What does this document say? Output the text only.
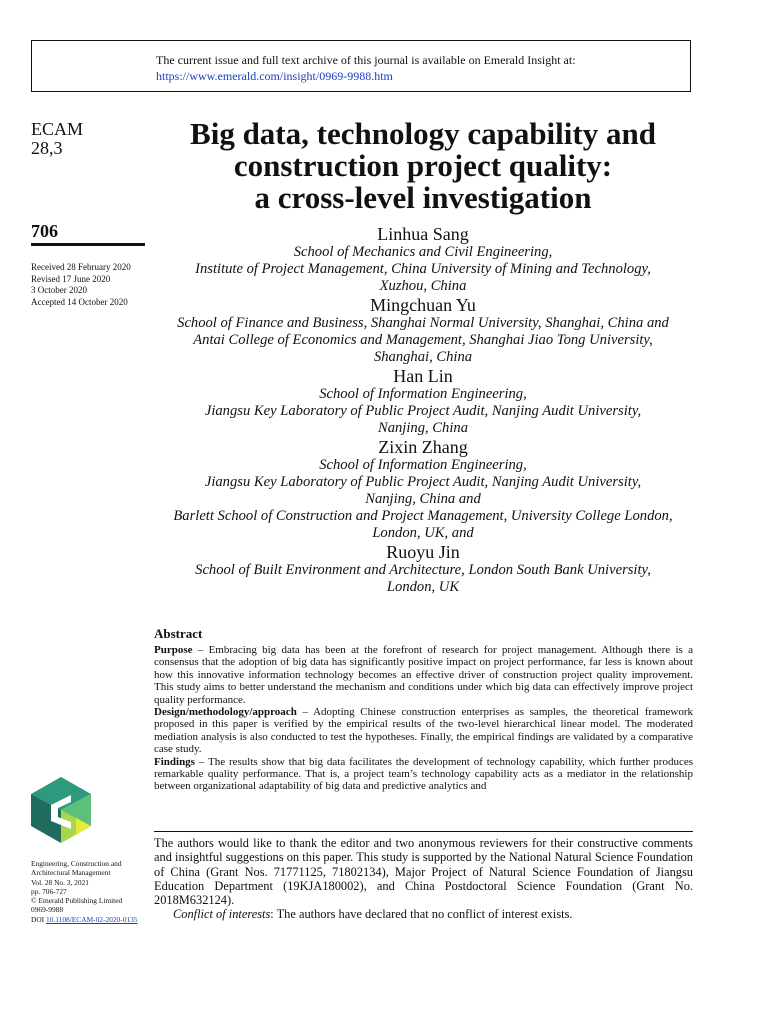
The current issue and full text archive of this journal is available on Emerald Insight at:
https://www.emerald.com/insight/0969-9988.htm
ECAM
28,3
706
Received 28 February 2020
Revised 17 June 2020
3 October 2020
Accepted 14 October 2020
Engineering, Construction and
Architectural Management
Vol. 28 No. 3, 2021
pp. 706-727
© Emerald Publishing Limited
0969-9988
DOI 10.1108/ECAM-02-2020-0135
Big data, technology capability and
construction project quality:
a cross-level investigation
Linhua Sang
School of Mechanics and Civil Engineering,
Institute of Project Management, China University of Mining and Technology,
Xuzhou, China
Mingchuan Yu
School of Finance and Business, Shanghai Normal University, Shanghai, China and
Antai College of Economics and Management, Shanghai Jiao Tong University,
Shanghai, China
Han Lin
School of Information Engineering,
Jiangsu Key Laboratory of Public Project Audit, Nanjing Audit University,
Nanjing, China
Zixin Zhang
School of Information Engineering,
Jiangsu Key Laboratory of Public Project Audit, Nanjing Audit University,
Nanjing, China and
Barlett School of Construction and Project Management, University College London,
London, UK, and
Ruoyu Jin
School of Built Environment and Architecture, London South Bank University,
London, UK
Abstract
Purpose – Embracing big data has been at the forefront of research for project management. Although there is a consensus that the adoption of big data has significantly positive impact on project performance, far less is known about how this innovative information technology becomes an effective driver of construction project quality improvement. This study aims to better understand the mechanism and conditions under which big data can effectively improve project quality performance.
Design/methodology/approach – Adopting Chinese construction enterprises as samples, the theoretical framework proposed in this paper is verified by the empirical results of the two-level hierarchical linear model. The moderated mediation analysis is also conducted to test the hypotheses. Finally, the empirical findings are validated by a comparative case study.
Findings – The results show that big data facilitates the development of technology capability, which further produces remarkable quality performance. That is, a project team’s technology capability acts as a mediator in the relationship between organizational adaptability of big data and predictive analytics and
The authors would like to thank the editor and two anonymous reviewers for their constructive comments and insightful suggestions on this paper. This study is supported by the National Natural Science Foundation of China (Grant Nos. 71771125, 71802134), Major Project of Natural Science Foundation of Jiangsu Education Department (19KJA180002), and China Postdoctoral Science Foundation (Grant No. 2018M632124).
Conflict of interests: The authors have declared that no conflict of interest exists.
